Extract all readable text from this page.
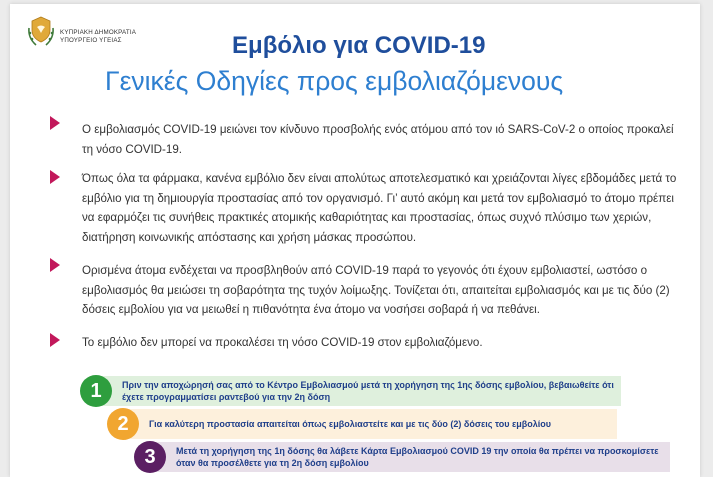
ΚΥΠΡΙΑΚΗ ΔΗΜΟΚΡΑΤΙΑ
ΥΠΟΥΡΓΕΙΟ ΥΓΕΙΑΣ	Εμβόλιο για COVID-19
Γενικές Οδηγίες προς εμβολιαζόμενους
Ο εμβολιασμός COVID-19 μειώνει τον κίνδυνο προσβολής ενός ατόμου από τον ιό SARS-CoV-2 ο οποίος προκαλεί τη νόσο COVID-19.
Όπως όλα τα φάρμακα, κανένα εμβόλιο δεν είναι απολύτως αποτελεσματικό και χρειάζονται λίγες εβδομάδες μετά το εμβόλιο για τη δημιουργία προστασίας από τον οργανισμό. Γι’ αυτό ακόμη και μετά τον εμβολιασμό το άτομο πρέπει να εφαρμόζει τις συνήθεις πρακτικές ατομικής καθαριότητας και προστασίας, όπως συχνό πλύσιμο των χεριών, διατήρηση κοινωνικής απόστασης και χρήση μάσκας προσώπου.
Ορισμένα άτομα ενδέχεται να προσβληθούν από COVID-19 παρά το γεγονός ότι έχουν εμβολιαστεί, ωστόσο ο εμβολιασμός θα μειώσει τη σοβαρότητα της τυχόν λοίμωξης. Τονίζεται ότι, απαιτείται εμβολιασμός και με τις δύο (2) δόσεις εμβολίου για να μειωθεί η πιθανότητα ένα άτομο να νοσήσει σοβαρά ή να πεθάνει.
Το εμβόλιο δεν μπορεί να προκαλέσει τη νόσο COVID-19 στον εμβολιαζόμενο.
1	Πριν την αποχώρησή σας από το Κέντρο Εμβολιασμού μετά τη χορήγηση της 1ης δόσης εμβολίου, βεβαιωθείτε ότι έχετε προγραμματίσει ραντεβού για την 2η δόση
2	Για καλύτερη προστασία απαιτείται όπως εμβολιαστείτε και με τις δύο (2) δόσεις του εμβολίου
3	Μετά τη χορήγηση της 1η δόσης θα λάβετε Κάρτα Εμβολιασμού COVID 19 την οποία θα πρέπει να προσκομίσετε όταν θα προσέλθετε για τη 2η δόση εμβολίου
